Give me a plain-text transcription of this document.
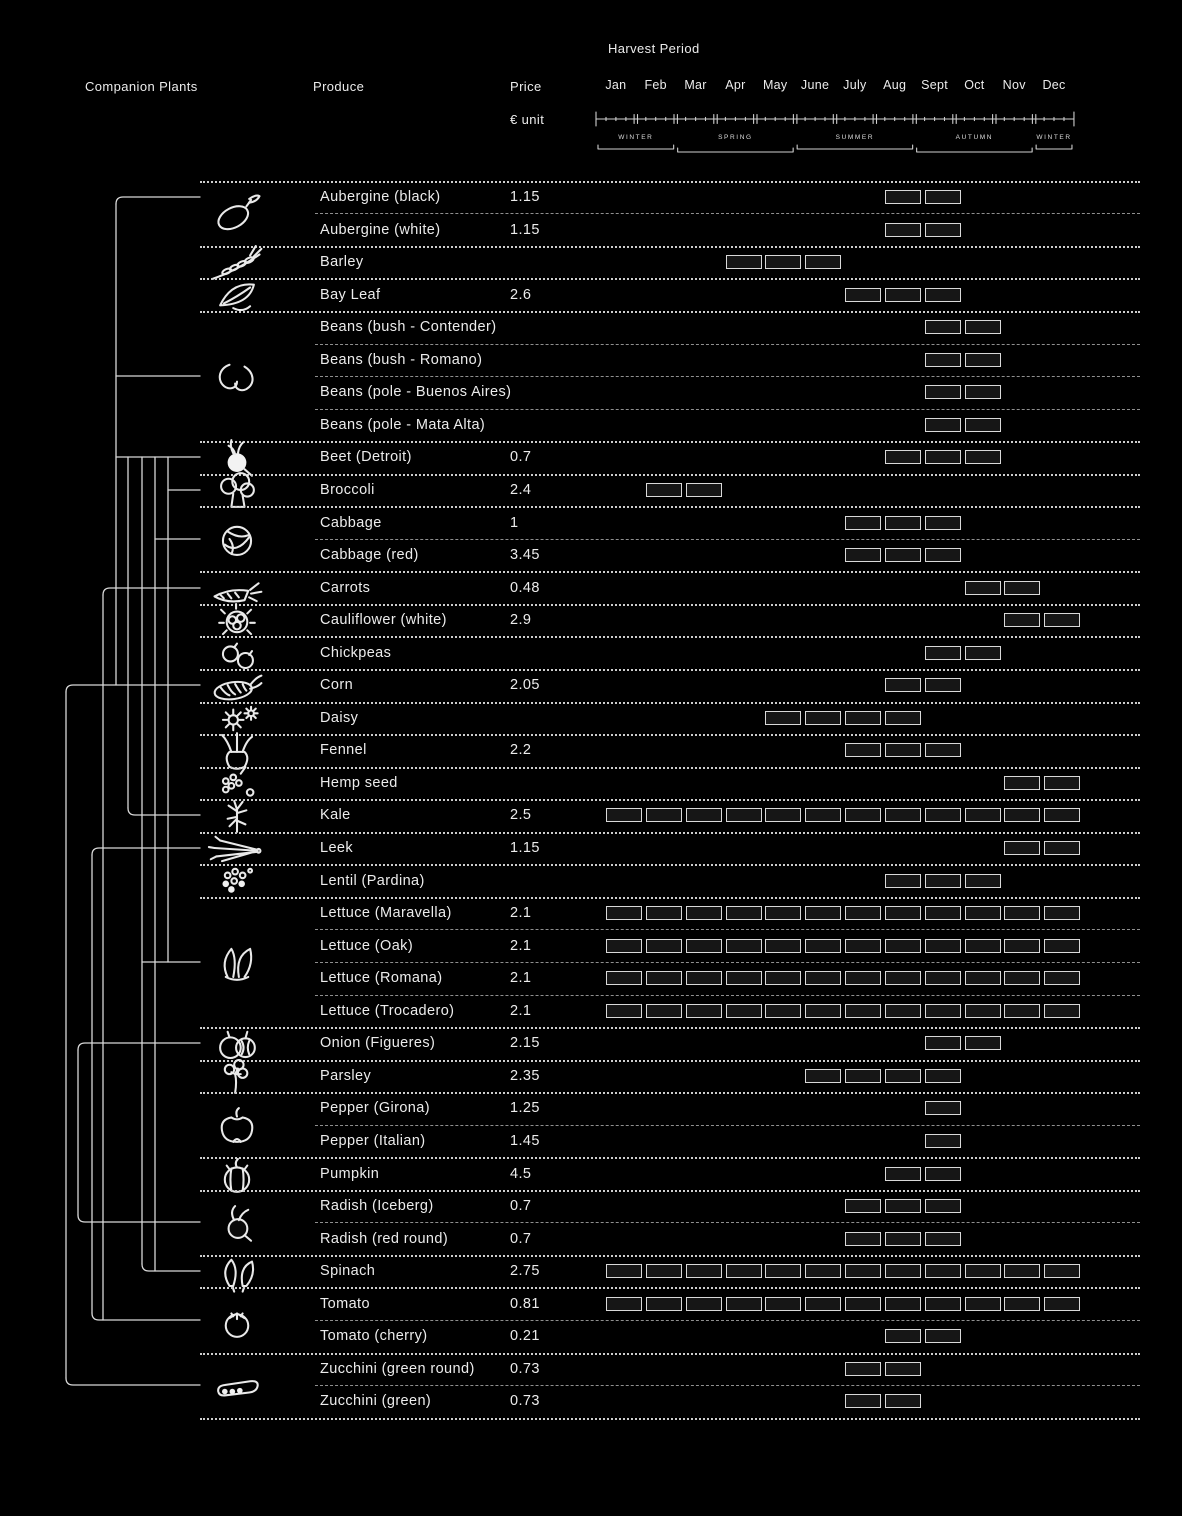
Companion Plants	Produce	Price
€ unit
Harvest Period
Jan	Feb	Mar	Apr	May	June	July	Aug	Sept	Oct	Nov	Dec
WINTER	SPRING	SUMMER	AUTUMN	WINTER
Aubergine (black)	1.15
Aubergine (white)	1.15
Barley
Bay Leaf	2.6
Beans (bush - Contender)
Beans (bush - Romano)
Beans (pole - Buenos Aires)
Beans (pole - Mata Alta)
Beet (Detroit)	0.7
Broccoli	2.4
Cabbage	1
Cabbage (red)	3.45
Carrots	0.48
Cauliflower (white)	2.9
Chickpeas
Corn	2.05
Daisy
Fennel	2.2
Hemp seed
Kale	2.5
Leek	1.15
Lentil (Pardina)
Lettuce (Maravella)	2.1
Lettuce (Oak)	2.1
Lettuce (Romana)	2.1
Lettuce (Trocadero)	2.1
Onion (Figueres)	2.15
Parsley	2.35
Pepper (Girona)	1.25
Pepper (Italian)	1.45
Pumpkin	4.5
Radish (Iceberg)	0.7
Radish (red round)	0.7
Spinach	2.75
Tomato	0.81
Tomato (cherry)	0.21
Zucchini (green round) 0.73
Zucchini (green)	0.73
